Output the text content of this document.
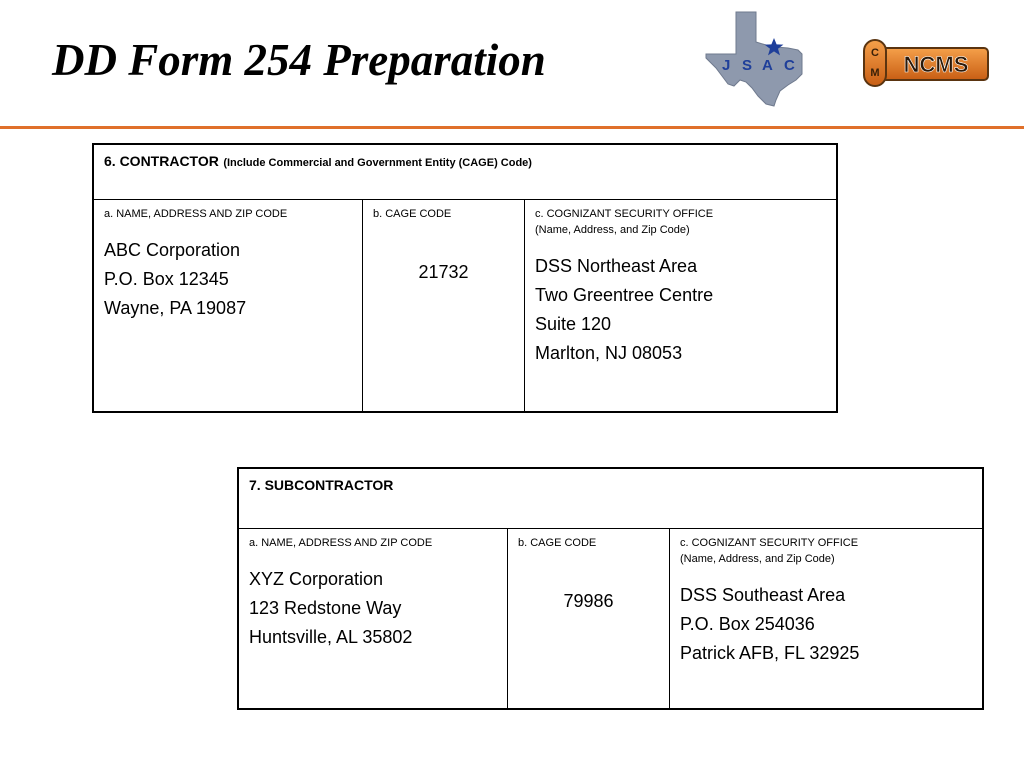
DD Form 254 Preparation	J S A C
C
M NCMS
6. CONTRACTOR (Include Commercial and Government Entity (CAGE) Code)

a. NAME, ADDRESS AND ZIP CODE
ABC Corporation
P.O. Box 12345
Wayne, PA 19087

b. CAGE CODE
21732

c. COGNIZANT SECURITY OFFICE
(Name, Address, and Zip Code)
DSS Northeast Area
Two Greentree Centre
Suite 120
Marlton, NJ 08053
7. SUBCONTRACTOR

a. NAME, ADDRESS AND ZIP CODE
XYZ Corporation
123 Redstone Way
Huntsville, AL 35802

b. CAGE CODE
79986

c. COGNIZANT SECURITY OFFICE
(Name, Address, and Zip Code)
DSS Southeast Area
P.O. Box 254036
Patrick AFB, FL 32925
